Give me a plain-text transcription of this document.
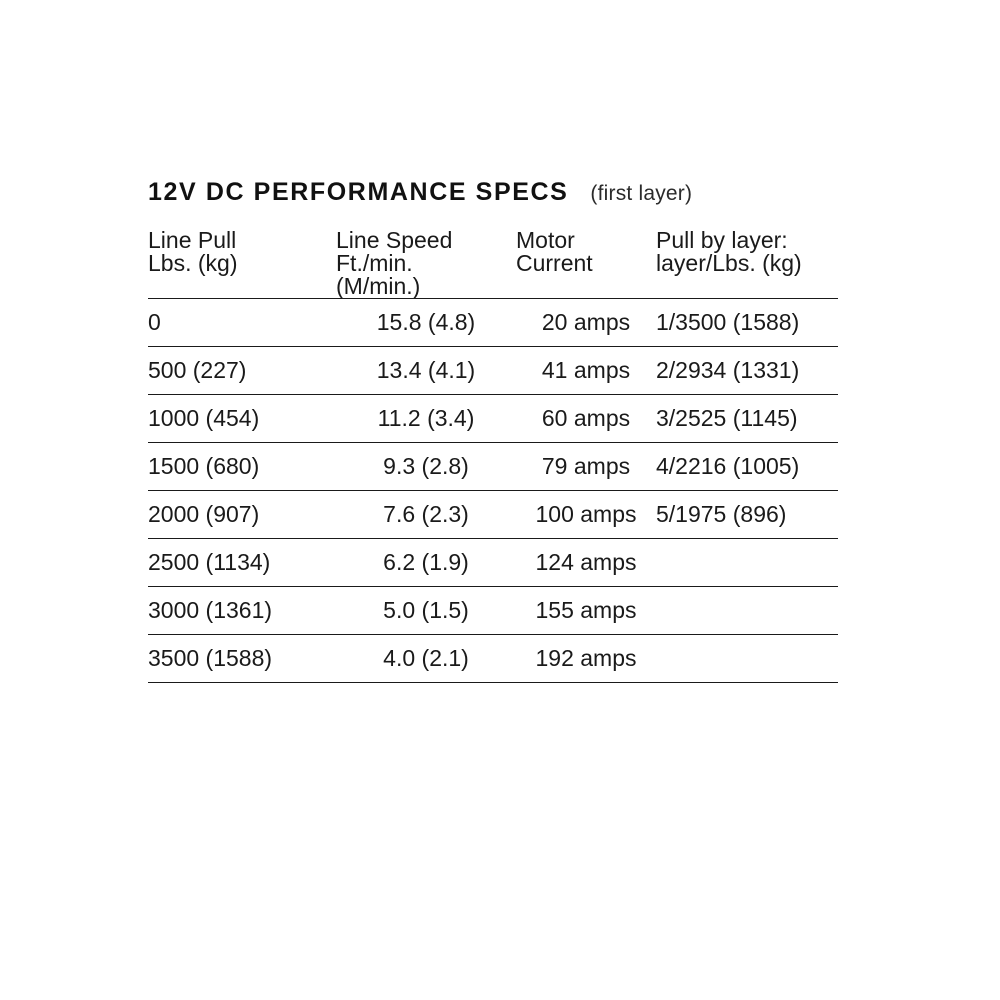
12V DC PERFORMANCE SPECS (first layer)
Line Pull	Line Speed	Motor	Pull by layer:
Lbs. (kg)	Ft./min.	Current	layer/Lbs. (kg)
	(M/min.)		
0	15.8 (4.8)	20 amps	1/3500 (1588)
500 (227)	13.4 (4.1)	41 amps	2/2934 (1331)
1000 (454)	11.2 (3.4)	60 amps	3/2525 (1145)
1500 (680)	9.3 (2.8)	79 amps	4/2216 (1005)
2000 (907)	7.6 (2.3)	100 amps	5/1975 (896)
2500 (1134)	6.2 (1.9)	124 amps	
3000 (1361)	5.0 (1.5)	155 amps	
3500 (1588)	4.0 (2.1)	192 amps	
